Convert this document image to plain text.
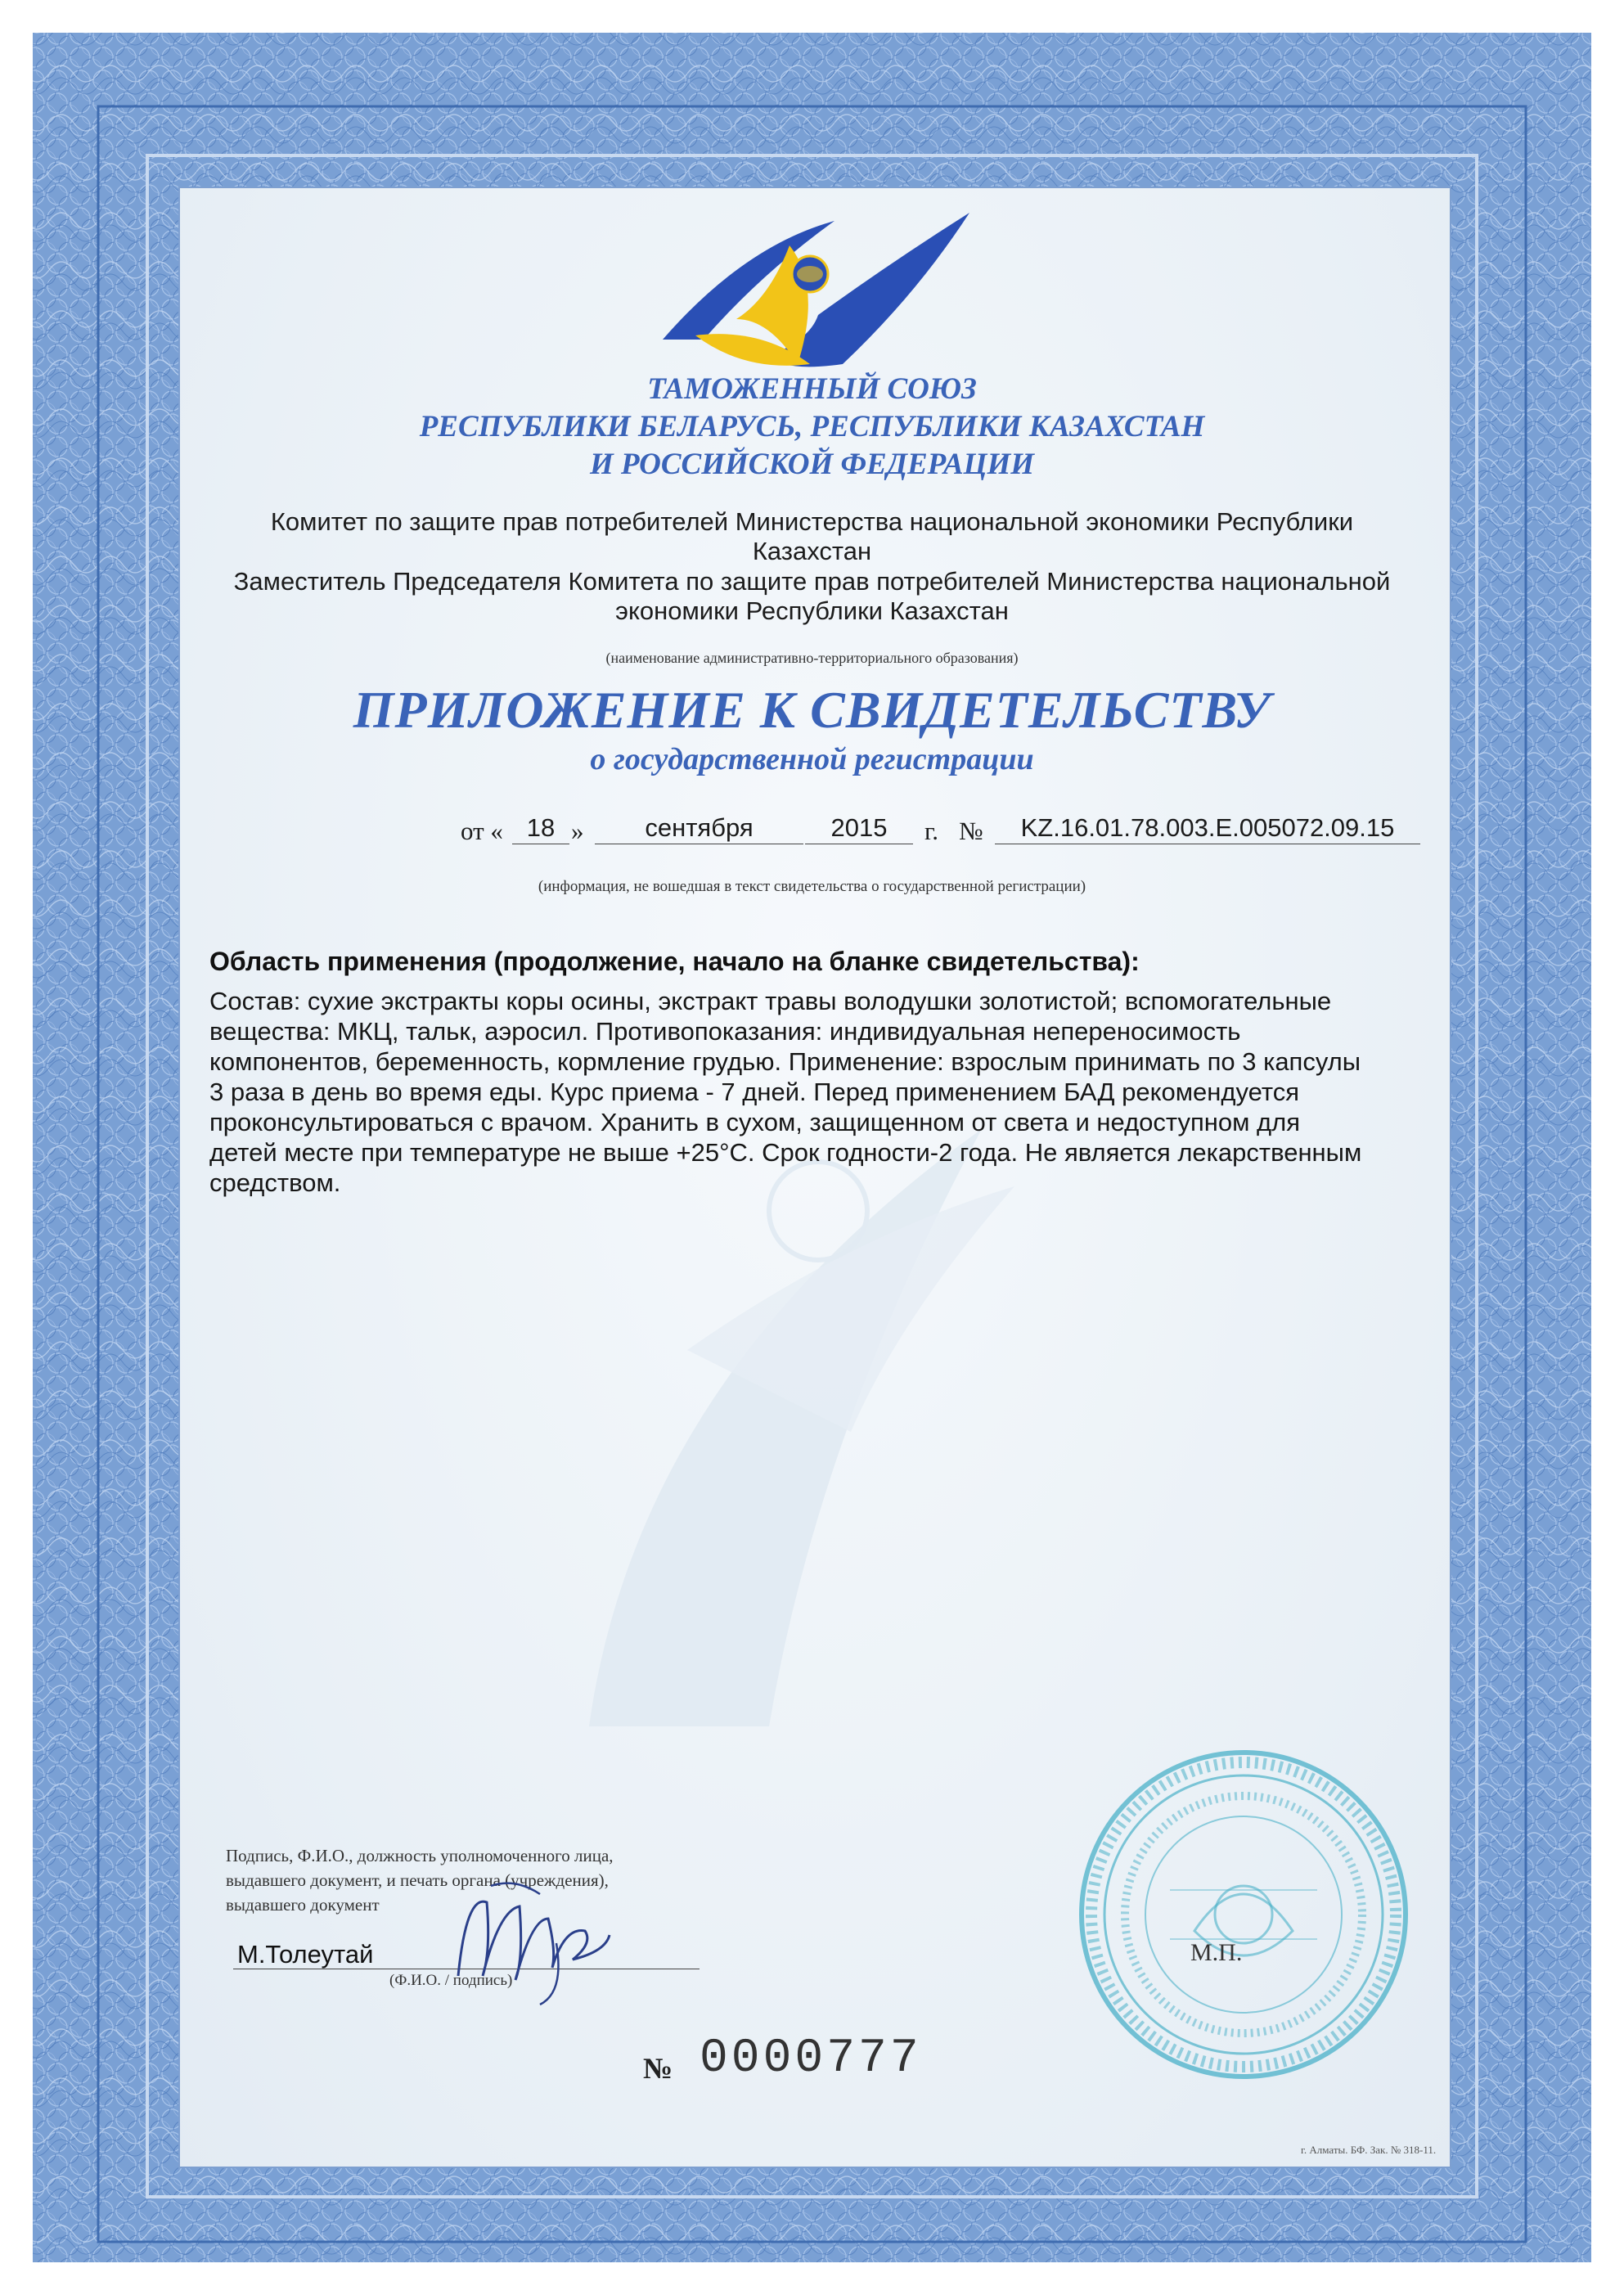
ТАМОЖЕННЫЙ СОЮЗ
РЕСПУБЛИКИ БЕЛАРУСЬ, РЕСПУБЛИКИ КАЗАХСТАН
И РОССИЙСКОЙ ФЕДЕРАЦИИ
Комитет по защите прав потребителей Министерства национальной экономики Республики
Казахстан
Заместитель Председателя Комитета по защите прав потребителей Министерства национальной
экономики Республики Казахстан
(наименование административно-территориального образования)
ПРИЛОЖЕНИЕ К СВИДЕТЕЛЬСТВУ
о государственной регистрации
от « 18 »	сентября	2015	г. №	KZ.16.01.78.003.E.005072.09.15
(информация, не вошедшая в текст свидетельства о государственной регистрации)
Область применения (продолжение, начало на бланке свидетельства):
Состав: сухие экстракты коры осины, экстракт травы володушки золотистой; вспомогательные
вещества: МКЦ, тальк, аэросил. Противопоказания: индивидуальная непереносимость
компонентов, беременность, кормление грудью. Применение: взрослым принимать по 3 капсулы
3 раза в день во время еды. Курс приема - 7 дней. Перед применением БАД рекомендуется
проконсультироваться с врачом. Хранить в сухом, защищенном от света и недоступном для
детей месте при температуре не выше +25°С. Срок годности-2 года. Не является лекарственным
средством.
Подпись, Ф.И.О., должность уполномоченного лица,
выдавшего документ, и печать органа (учреждения),
выдавшего документ
М.Толеутай
(Ф.И.О. / подпись)
М.П.
№ 0000777
г. Алматы. БФ. Зак. № 318-11.
